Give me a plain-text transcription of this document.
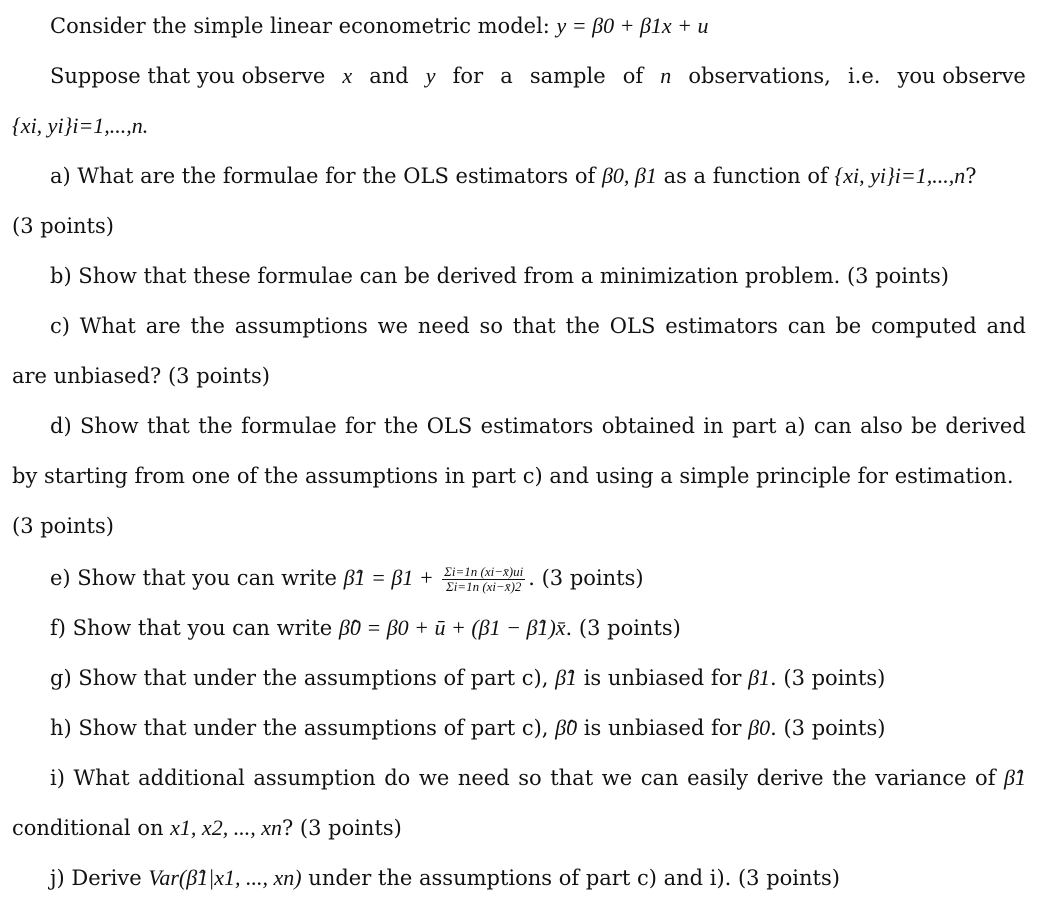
Consider the simple linear econometric model: y = β0 + β1x + u
Suppose that you observe x and y for a sample of n observations, i.e. you observe
{xi, yi}i=1,...,n.
a) What are the formulae for the OLS estimators of β0, β1 as a function of {xi, yi}i=1,...,n?
(3 points)
b) Show that these formulae can be derived from a minimization problem. (3 points)
c) What are the assumptions we need so that the OLS estimators can be computed and
are unbiased? (3 points)
d) Show that the formulae for the OLS estimators obtained in part a) can also be derived
by starting from one of the assumptions in part c) and using a simple principle for estimation.
(3 points)
e) Show that you can write β̂1 = $\beta 1 + \frac{\Sigma i=1n (xi-x̄)ui}{\Sigma i=1n (xi-x̄)2}$ . (3 points)
f) Show that you can write β̂0 = β0 + ū + (β1 − β̂1)x̄. (3 points)
g) Show that under the assumptions of part c), β̂1 is unbiased for β1. (3 points)
h) Show that under the assumptions of part c), β̂0 is unbiased for β0. (3 points)
i) What additional assumption do we need so that we can easily derive the variance of β̂1
conditional on x1, x2, ..., xn? (3 points)
j) Derive Var(β̂1|x1, ..., xn) under the assumptions of part c) and i). (3 points)
